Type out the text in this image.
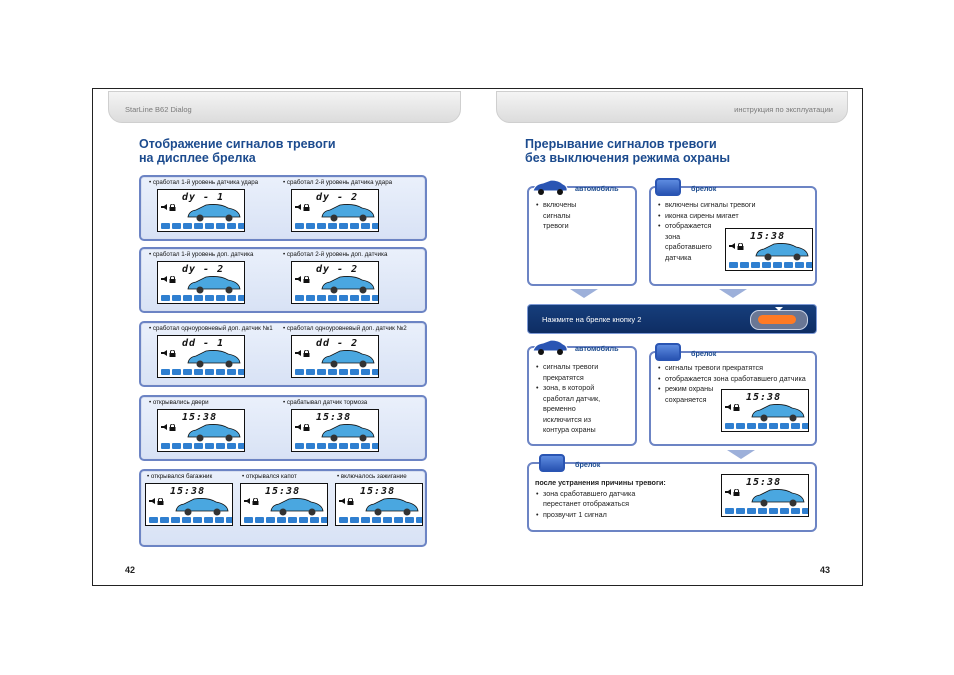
StarLine B62 Dialog	инструкция по эксплуатации
Отображение сигналов тревоги
на дисплее брелка
• сработал 1-й уровень датчика удара
dy - 1
• сработал 2-й уровень датчика удара
dy - 2
• сработал 1-й уровень доп. датчика
dy - 2
• сработал 2-й уровень доп. датчика
dy - 2
• сработал одноуровневый доп. датчик №1
dd - 1
• сработал одноуровневый доп. датчик №2
dd - 2
• открывались двери
15:38
• срабатывал датчик тормоза
15:38
• открывался багажник
15:38
• открывался капот
15:38
• включалось зажигание
15:38
42
Прерывание сигналов тревоги
без выключения режима охраны
автомобиль
• включены сигналы тревоги
брелок
• включены сигналы тревоги
• иконка сирены мигает
• отображается зона сработавшего датчика
15:38
Нажмите на брелке кнопку 2
автомобиль
• сигналы тревоги прекратятся
• зона, в которой сработал датчик, временно исключится из контура охраны
брелок
• сигналы тревоги прекратятся
• отображается зона сработавшего датчика
• режим охраны сохраняется	15:38
брелок
после устранения причины тревоги:
• зона сработавшего датчика перестанет отображаться
• прозвучит 1 сигнал
15:38
43
